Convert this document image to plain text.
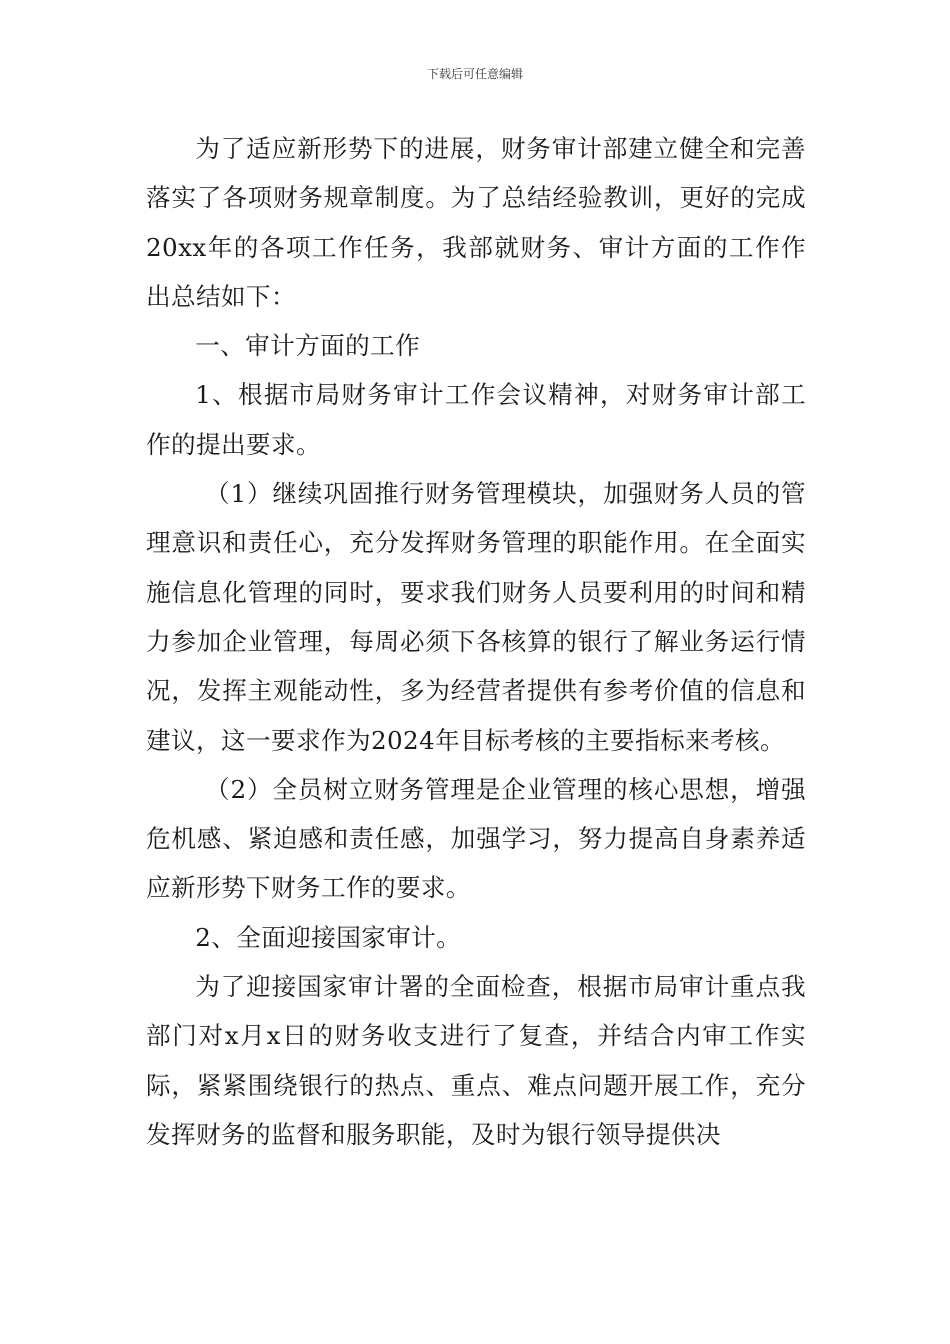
下载后可任意编辑

为了适应新形势下的进展，财务审计部建立健全和完善落实了各项财务规章制度。为了总结经验教训，更好的完成20xx年的各项工作任务，我部就财务、审计方面的工作作出总结如下：

一、审计方面的工作

1、根据市局财务审计工作会议精神，对财务审计部工作的提出要求。

（1）继续巩固推行财务管理模块，加强财务人员的管理意识和责任心，充分发挥财务管理的职能作用。在全面实施信息化管理的同时，要求我们财务人员要利用的时间和精力参加企业管理，每周必须下各核算的银行了解业务运行情况，发挥主观能动性，多为经营者提供有参考价值的信息和建议，这一要求作为2024年目标考核的主要指标来考核。

（2）全员树立财务管理是企业管理的核心思想，增强危机感、紧迫感和责任感，加强学习，努力提高自身素养适应新形势下财务工作的要求。

2、全面迎接国家审计。

为了迎接国家审计署的全面检查，根据市局审计重点我部门对x月x日的财务收支进行了复查，并结合内审工作实际，紧紧围绕银行的热点、重点、难点问题开展工作，充分发挥财务的监督和服务职能，及时为银行领导提供决
